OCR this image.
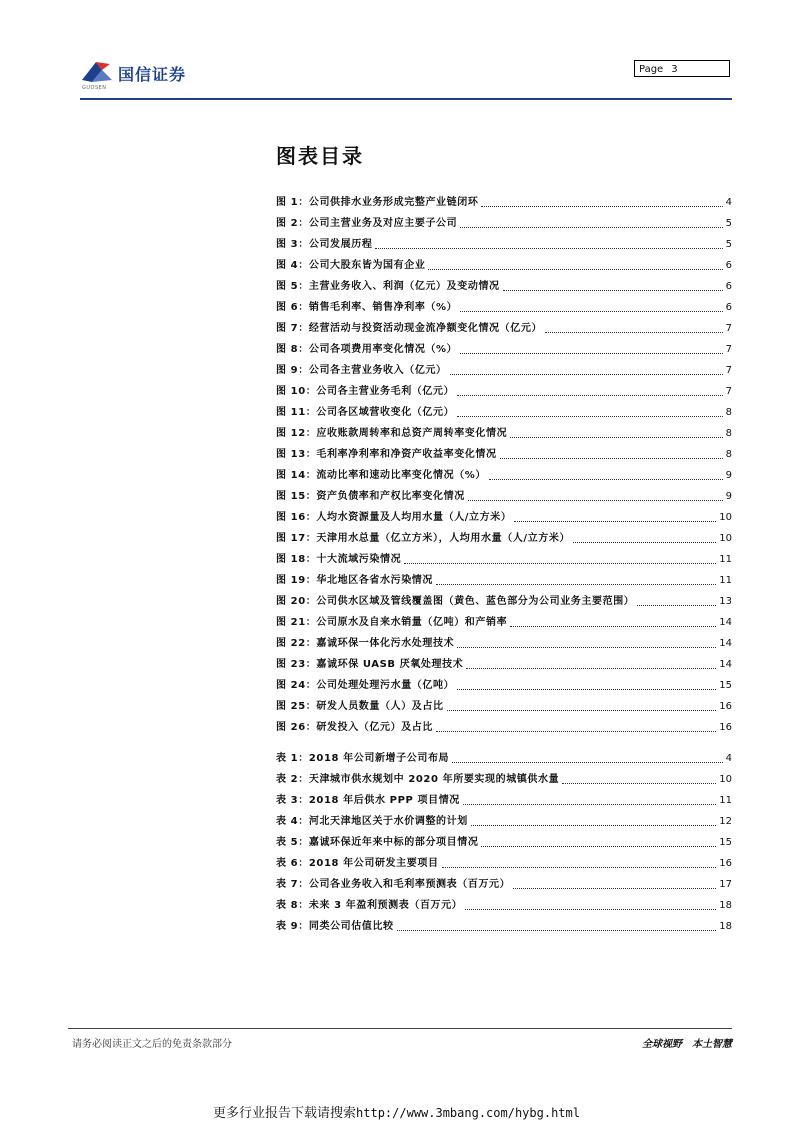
国信证券
GUOSEN
Page 3
图表目录
图 1：公司供排水业务形成完整产业链闭环	4
图 2：公司主营业务及对应主要子公司	5
图 3：公司发展历程	5
图 4：公司大股东皆为国有企业	6
图 5：主营业务收入、利润（亿元）及变动情况	6
图 6：销售毛利率、销售净利率（%）	6
图 7：经营活动与投资活动现金流净额变化情况（亿元）	7
图 8：公司各项费用率变化情况（%）	7
图 9：公司各主营业务收入（亿元）	7
图 10：公司各主营业务毛利（亿元）	7
图 11：公司各区域营收变化（亿元）	8
图 12：应收账款周转率和总资产周转率变化情况	8
图 13：毛利率净利率和净资产收益率变化情况	8
图 14：流动比率和速动比率变化情况（%）	9
图 15：资产负债率和产权比率变化情况	9
图 16：人均水资源量及人均用水量（人/立方米）	10
图 17：天津用水总量（亿立方米），人均用水量（人/立方米）	10
图 18：十大流域污染情况	11
图 19：华北地区各省水污染情况	11
图 20：公司供水区域及管线覆盖图（黄色、蓝色部分为公司业务主要范围）	13
图 21：公司原水及自来水销量（亿吨）和产销率	14
图 22：嘉诚环保一体化污水处理技术	14
图 23：嘉诚环保 UASB 厌氧处理技术	14
图 24：公司处理处理污水量（亿吨）	15
图 25：研发人员数量（人）及占比	16
图 26：研发投入（亿元）及占比	16
表 1：2018 年公司新增子公司布局	4
表 2：天津城市供水规划中 2020 年所要实现的城镇供水量	10
表 3：2018 年后供水 PPP 项目情况	11
表 4：河北天津地区关于水价调整的计划	12
表 5：嘉诚环保近年来中标的部分项目情况	15
表 6：2018 年公司研发主要项目	16
表 7：公司各业务收入和毛利率预测表（百万元）	17
表 8：未来 3 年盈利预测表（百万元）	18
表 9：同类公司估值比较	18
请务必阅读正文之后的免责条款部分	全球视野　本土智慧
更多行业报告下载请搜索http://www.3mbang.com/hybg.html
